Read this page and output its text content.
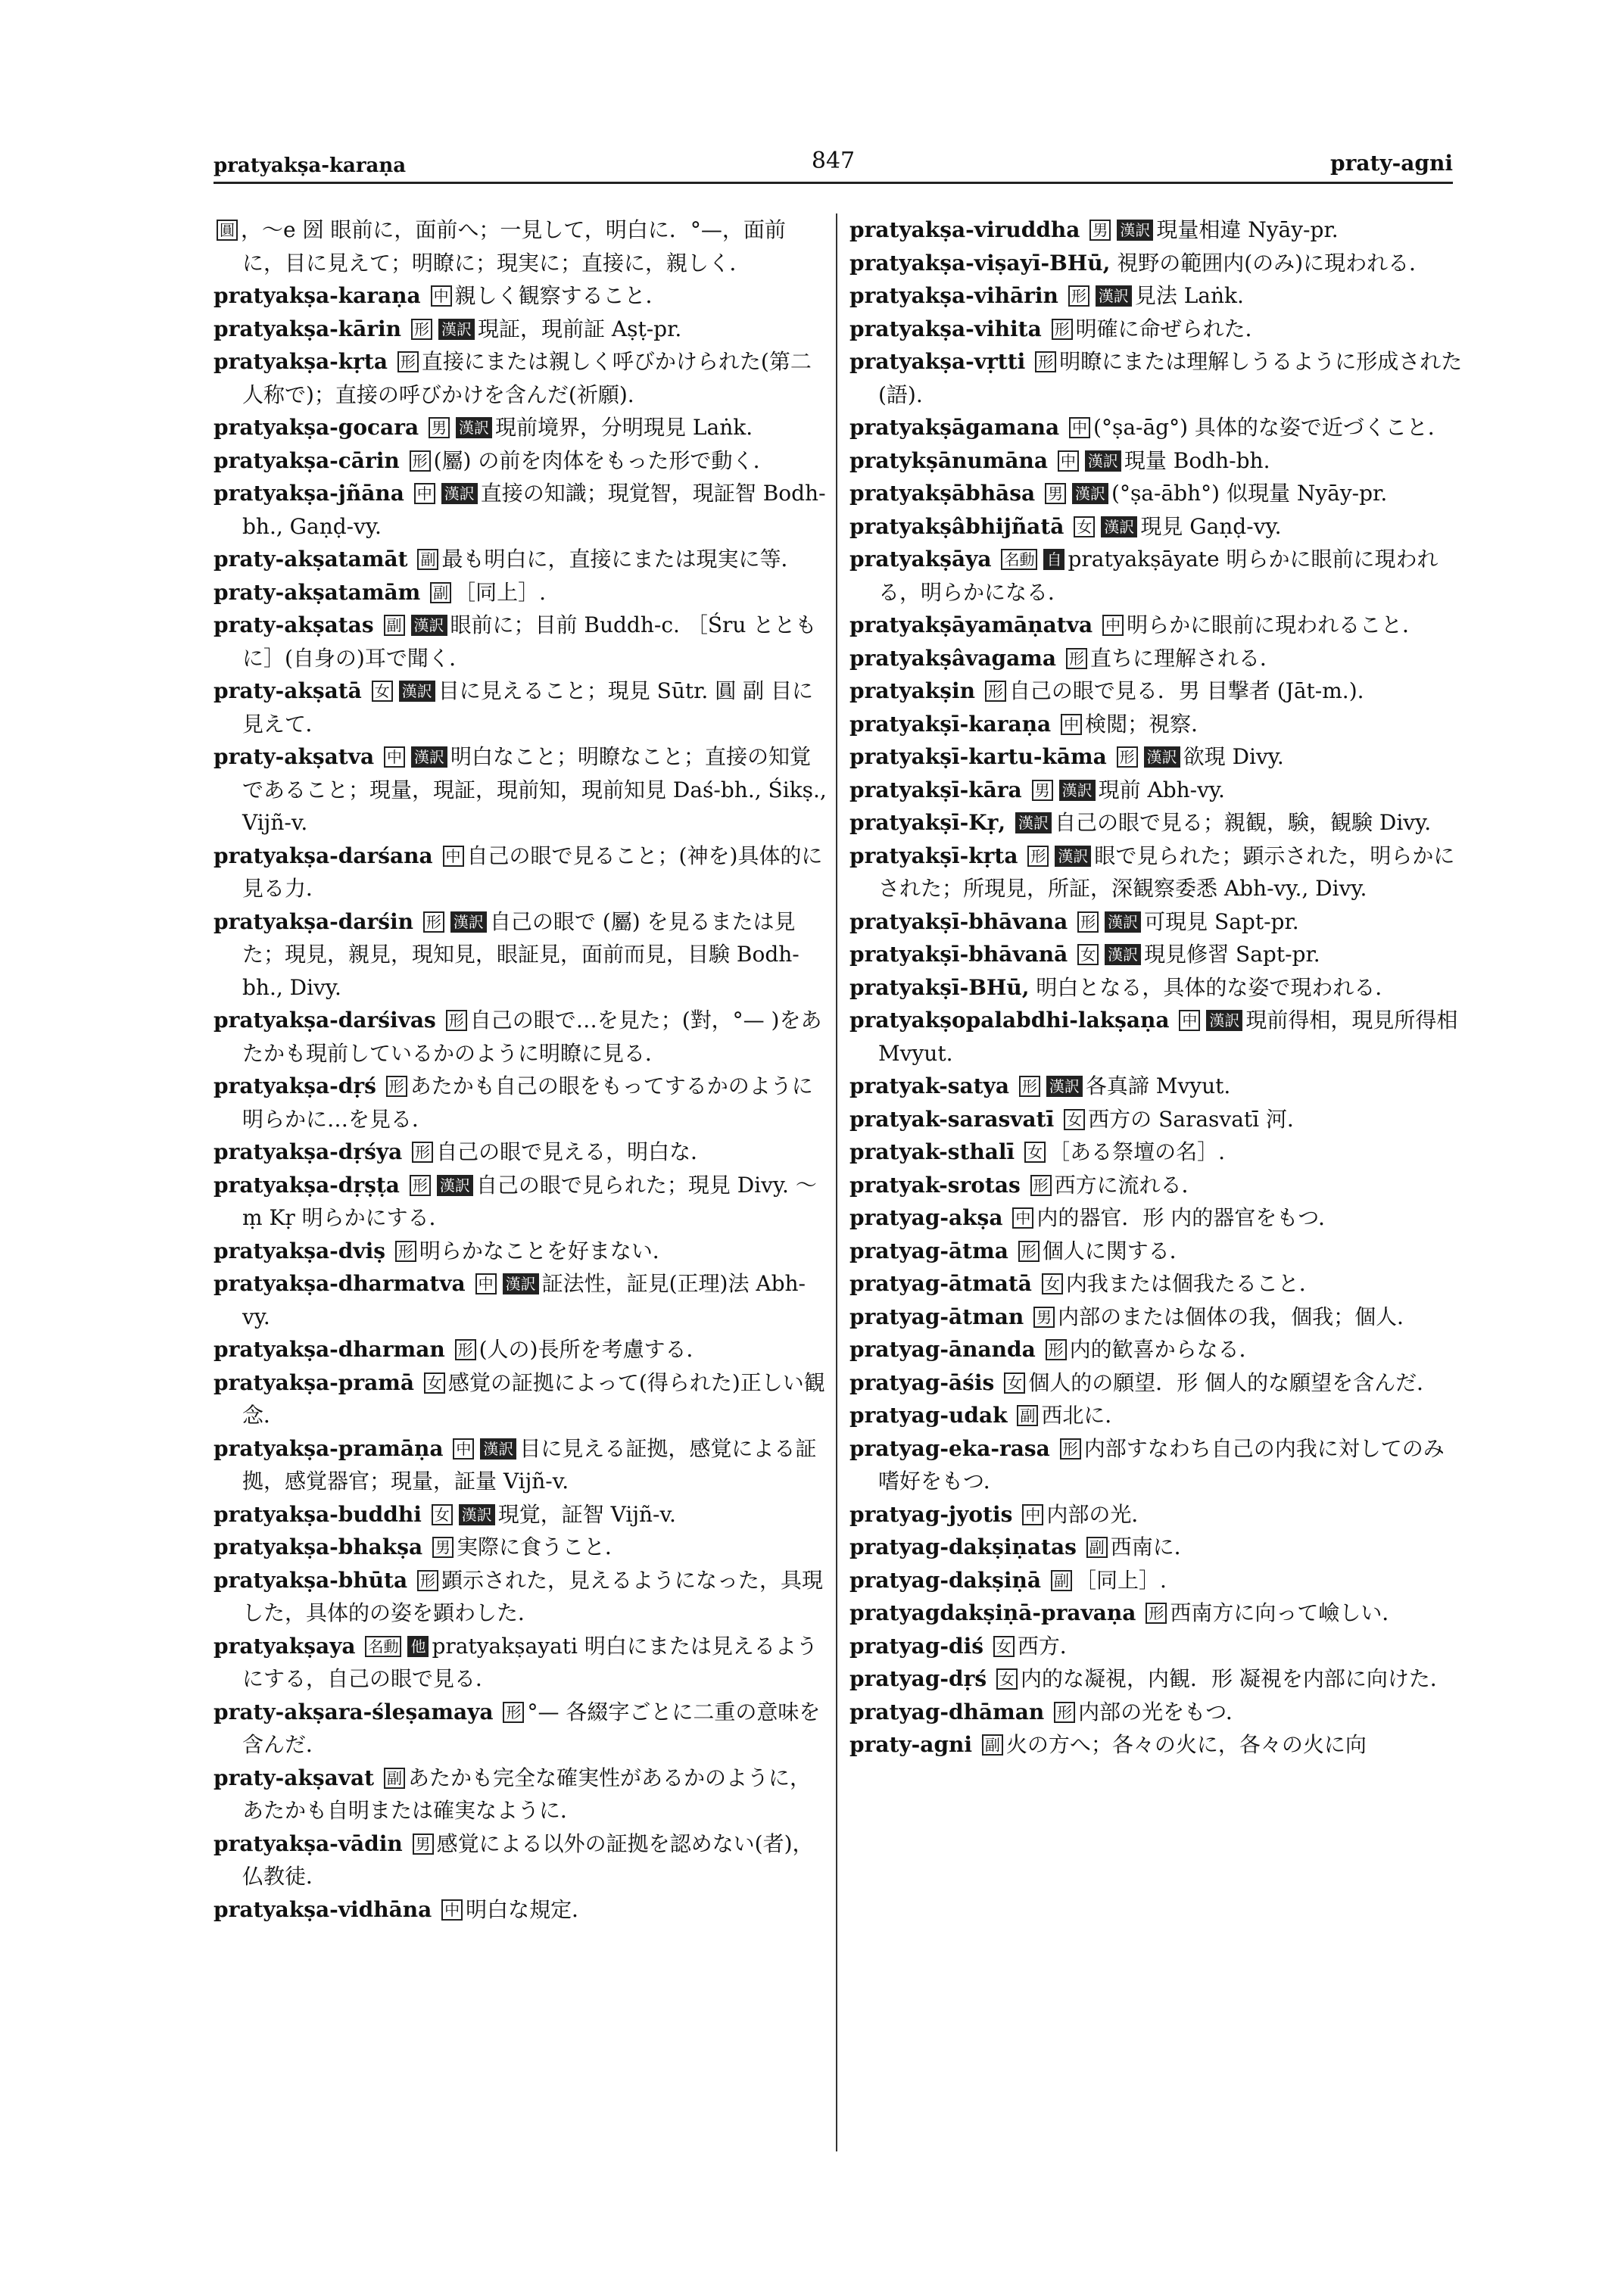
pratyakṣa-karaṇa	847	praty-agni

圓 ，～e 圀 眼前に，面前へ；一見して，明白に．°—，面前に，目に見えて；明瞭に；現実に；直接に，親しく．

pratyakṣa-karaṇa 中 親しく観察すること．

pratyakṣa-kārin 形 漢訳 現証，現前証 Aṣṭ-pr.

pratyakṣa-kṛta 形 直接にまたは親しく呼びかけられた(第二人称で)；直接の呼びかけを含んだ(祈願).

pratyakṣa-gocara 男 漢訳 現前境界，分明現見 Laṅk.

pratyakṣa-cārin 形 (屬) の前を肉体をもった形で動く．

pratyakṣa-jñāna 中 漢訳 直接の知識；現覚智，現証智 Bodh-bh., Gaṇḍ-vy.

praty-akṣatamāt 副 最も明白に，直接にまたは現実に等．

praty-akṣatamām 副 ［同上］.

praty-akṣatas 副 漢訳 眼前に；目前 Buddh-c. ［Śru とともに］(自身の)耳で聞く．

praty-akṣatā 女 漢訳 目に見えること；現見 Sūtr. 圓 副 目に見えて．

praty-akṣatva 中 漢訳 明白なこと；明瞭なこと；直接の知覚であること；現量，現証，現前知，現前知見 Daś-bh., Śikṣ., Vijñ-v.

pratyakṣa-darśana 中 自己の眼で見ること；(神を)具体的に見る力．

pratyakṣa-darśin 形 漢訳 自己の眼で (屬) を見るまたは見た；現見，親見，現知見，眼証見，面前而見，目験 Bodh-bh., Divy.

pratyakṣa-darśivas 形 自己の眼で…を見た；(對，°— )をあたかも現前しているかのように明瞭に見る．

pratyakṣa-dṛś 形 あたかも自己の眼をもってするかのように明らかに…を見る．

pratyakṣa-dṛśya 形 自己の眼で見える，明白な．

pratyakṣa-dṛṣṭa 形 漢訳 自己の眼で見られた；現見 Divy. ～ṃ Kṛ 明らかにする．

pratyakṣa-dviṣ 形 明らかなことを好まない．

pratyakṣa-dharmatva 中 漢訳 証法性，証見(正理)法 Abh-vy.

pratyakṣa-dharman 形 (人の)長所を考慮する．

pratyakṣa-pramā 女 感覚の証拠によって(得られた)正しい観念．

pratyakṣa-pramāṇa 中 漢訳 目に見える証拠，感覚による証拠，感覚器官；現量，証量 Vijñ-v.

pratyakṣa-buddhi 女 漢訳 現覚，証智 Vijñ-v.

pratyakṣa-bhakṣa 男 実際に食うこと．

pratyakṣa-bhūta 形 顕示された，見えるようになった，具現した，具体的の姿を顕わした．

pratyakṣaya 名動 他 pratyakṣayati 明白にまたは見えるようにする，自己の眼で見る．

praty-akṣara-śleṣamaya 形 °— 各綴字ごとに二重の意味を含んだ．

praty-akṣavat 副 あたかも完全な確実性があるかのように，あたかも自明または確実なように．

pratyakṣa-vādin 男 感覚による以外の証拠を認めない(者)，仏教徒．

pratyakṣa-vidhāna 中 明白な規定．

pratyakṣa-viruddha 男 漢訳 現量相違 Nyāy-pr.

pratyakṣa-viṣayī-BHū, 視野の範囲内(のみ)に現われる．

pratyakṣa-vihārin 形 漢訳 見法 Laṅk.

pratyakṣa-vihita 形 明確に命ぜられた．

pratyakṣa-vṛtti 形 明瞭にまたは理解しうるように形成された(語).

pratyakṣāgamana 中 (°ṣa-āg°) 具体的な姿で近づくこと．

pratykṣānumāna 中 漢訳 現量 Bodh-bh.

pratyakṣābhāsa 男 漢訳 (°ṣa-ābh°) 似現量 Nyāy-pr.

pratyakṣâbhijñatā 女 漢訳 現見 Gaṇḍ-vy.

pratyakṣāya 名動 自 pratyakṣāyate 明らかに眼前に現われる，明らかになる．

pratyakṣāyamāṇatva 中 明らかに眼前に現われること．

pratyakṣâvagama 形 直ちに理解される．

pratyakṣin 形 自己の眼で見る．男 目撃者 (Jāt-m.).

pratyakṣī-karaṇa 中 検閲；視察．

pratyakṣī-kartu-kāma 形 漢訳 欲現 Divy.

pratyakṣī-kāra 男 漢訳 現前 Abh-vy.

pratyakṣī-Kṛ, 漢訳 自己の眼で見る；親観，験，観験 Divy.

pratyakṣī-kṛta 形 漢訳 眼で見られた；顕示された，明らかにされた；所現見，所証，深観察委悉 Abh-vy., Divy.

pratyakṣī-bhāvana 形 漢訳 可現見 Sapt-pr.

pratyakṣī-bhāvanā 女 漢訳 現見修習 Sapt-pr.

pratyakṣī-BHū, 明白となる，具体的な姿で現われる．

pratyakṣopalabdhi-lakṣaṇa 中 漢訳 現前得相，現見所得相 Mvyut.

pratyak-satya 形 漢訳 各真諦 Mvyut.

pratyak-sarasvatī 女 西方の Sarasvatī 河．

pratyak-sthalī 女 ［ある祭壇の名］.

pratyak-srotas 形 西方に流れる．

pratyag-akṣa 中 内的器官．形 内的器官をもつ．

pratyag-ātma 形 個人に関する．

pratyag-ātmatā 女 内我または個我たること．

pratyag-ātman 男 内部のまたは個体の我，個我；個人．

pratyag-ānanda 形 内的歓喜からなる．

pratyag-āśis 女 個人的の願望．形 個人的な願望を含んだ．

pratyag-udak 副 西北に．

pratyag-eka-rasa 形 内部すなわち自己の内我に対してのみ嗜好をもつ．

pratyag-jyotis 中 内部の光．

pratyag-dakṣiṇatas 副 西南に．

pratyag-dakṣiṇā 副 ［同上］.

pratyagdakṣiṇā-pravaṇa 形 西南方に向って嶮しい．

pratyag-diś 女 西方．

pratyag-dṛś 女 内的な凝視，内観．形 凝視を内部に向けた．

pratyag-dhāman 形 内部の光をもつ．

praty-agni 副 火の方へ；各々の火に，各々の火に向
